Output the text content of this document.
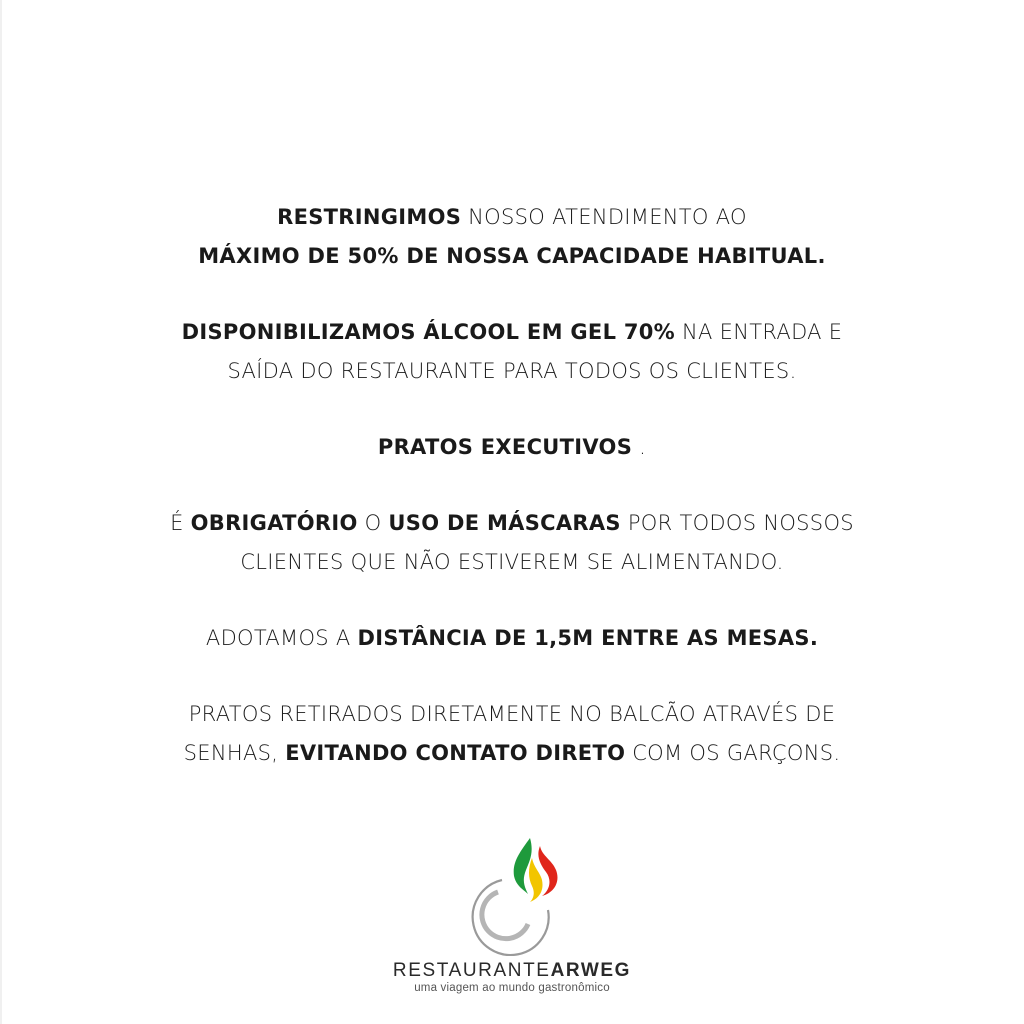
RESTRINGIMOS NOSSO ATENDIMENTO AO
MÁXIMO DE 50% DE NOSSA CAPACIDADE HABITUAL.
DISPONIBILIZAMOS ÁLCOOL EM GEL 70% NA ENTRADA E
SAÍDA DO RESTAURANTE PARA TODOS OS CLIENTES.
PRATOS EXECUTIVOS .
É OBRIGATÓRIO O USO DE MÁSCARAS POR TODOS NOSSOS
CLIENTES QUE NÃO ESTIVEREM SE ALIMENTANDO.
ADOTAMOS A DISTÂNCIA DE 1,5M ENTRE AS MESAS.
PRATOS RETIRADOS DIRETAMENTE NO BALCÃO ATRAVÉS DE
SENHAS, EVITANDO CONTATO DIRETO COM OS GARÇONS.
RESTAURANTEARWEG
uma viagem ao mundo gastronômico
